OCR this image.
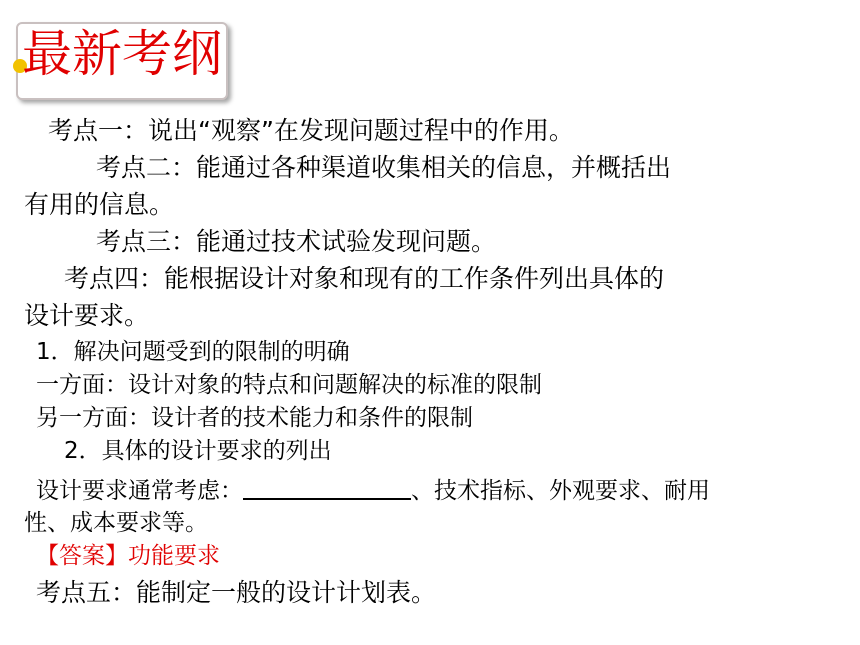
最新考纲
考点一：说出“观察”在发现问题过程中的作用。
考点二：能通过各种渠道收集相关的信息，并概括出
有用的信息。
考点三：能通过技术试验发现问题。
考点四：能根据设计对象和现有的工作条件列出具体的
设计要求。
1．解决问题受到的限制的明确
一方面：设计对象的特点和问题解决的标准的限制
另一方面：设计者的技术能力和条件的限制
2．具体的设计要求的列出
设计要求通常考虑：	、技术指标、外观要求、耐用
性、成本要求等。
【答案】功能要求
考点五：能制定一般的设计计划表。
